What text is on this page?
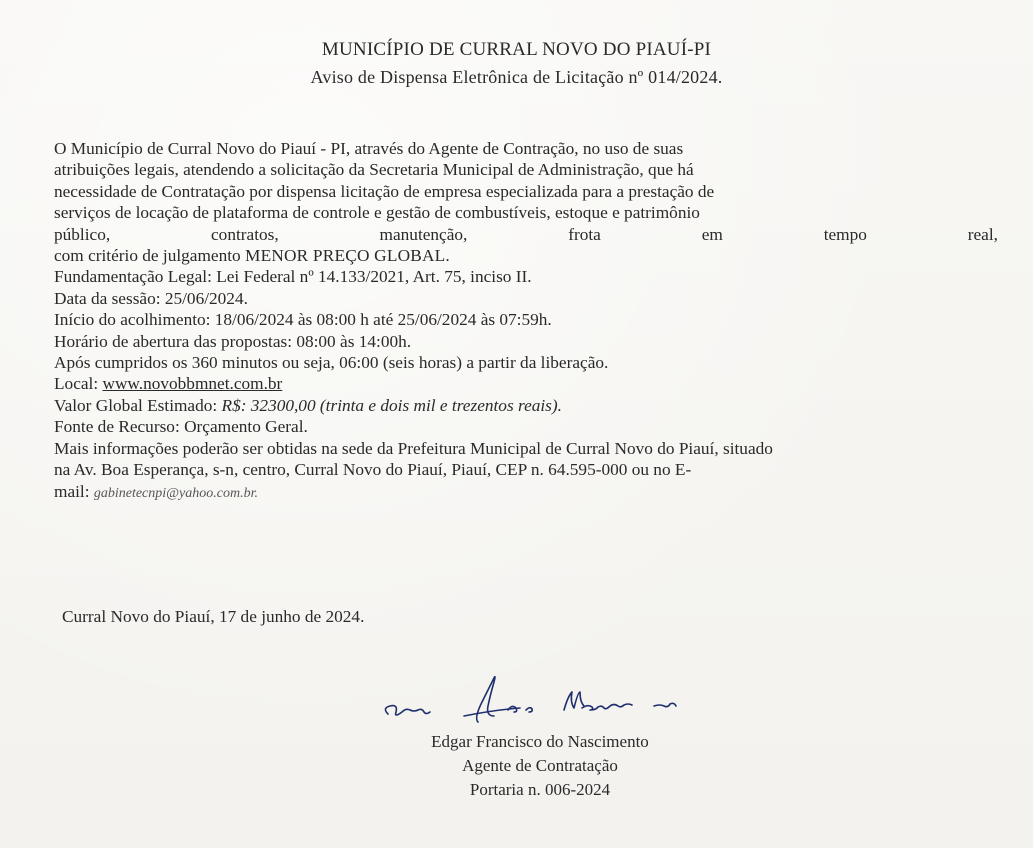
MUNICÍPIO DE CURRAL NOVO DO PIAUÍ-PI
Aviso de Dispensa Eletrônica de Licitação nº 014/2024.

O Município de Curral Novo do Piauí - PI, através do Agente de Contração, no uso de suas

atribuições legais, atendendo a solicitação da Secretaria Municipal de Administração, que há

necessidade de Contratação por dispensa licitação de empresa especializada para a prestação de

serviços de locação de plataforma de controle e gestão de combustíveis, estoque e patrimônio

público,	contratos,	manutenção,	frota	em	tempo	real,

com critério de julgamento MENOR PREÇO GLOBAL.

Fundamentação Legal: Lei Federal nº 14.133/2021, Art. 75, inciso II.

Data da sessão: 25/06/2024.

Início do acolhimento: 18/06/2024 às 08:00 h até 25/06/2024 às 07:59h.

Horário de abertura das propostas: 08:00 às 14:00h.

Após cumpridos os 360 minutos ou seja, 06:00 (seis horas) a partir da liberação.

Local: www.novobbmnet.com.br

Valor Global Estimado: R$: 32300,00 (trinta e dois mil e trezentos reais).

Fonte de Recurso: Orçamento Geral.

Mais informações poderão ser obtidas na sede da Prefeitura Municipal de Curral Novo do Piauí, situado

na Av. Boa Esperança, s-n, centro, Curral Novo do Piauí, Piauí, CEP n. 64.595-000 ou no E-

mail: gabinetecnpi@yahoo.com.br.

Curral Novo do Piauí, 17 de junho de 2024.
Edgar Francisco do Nascimento
Agente de Contratação
Portaria n. 006-2024
